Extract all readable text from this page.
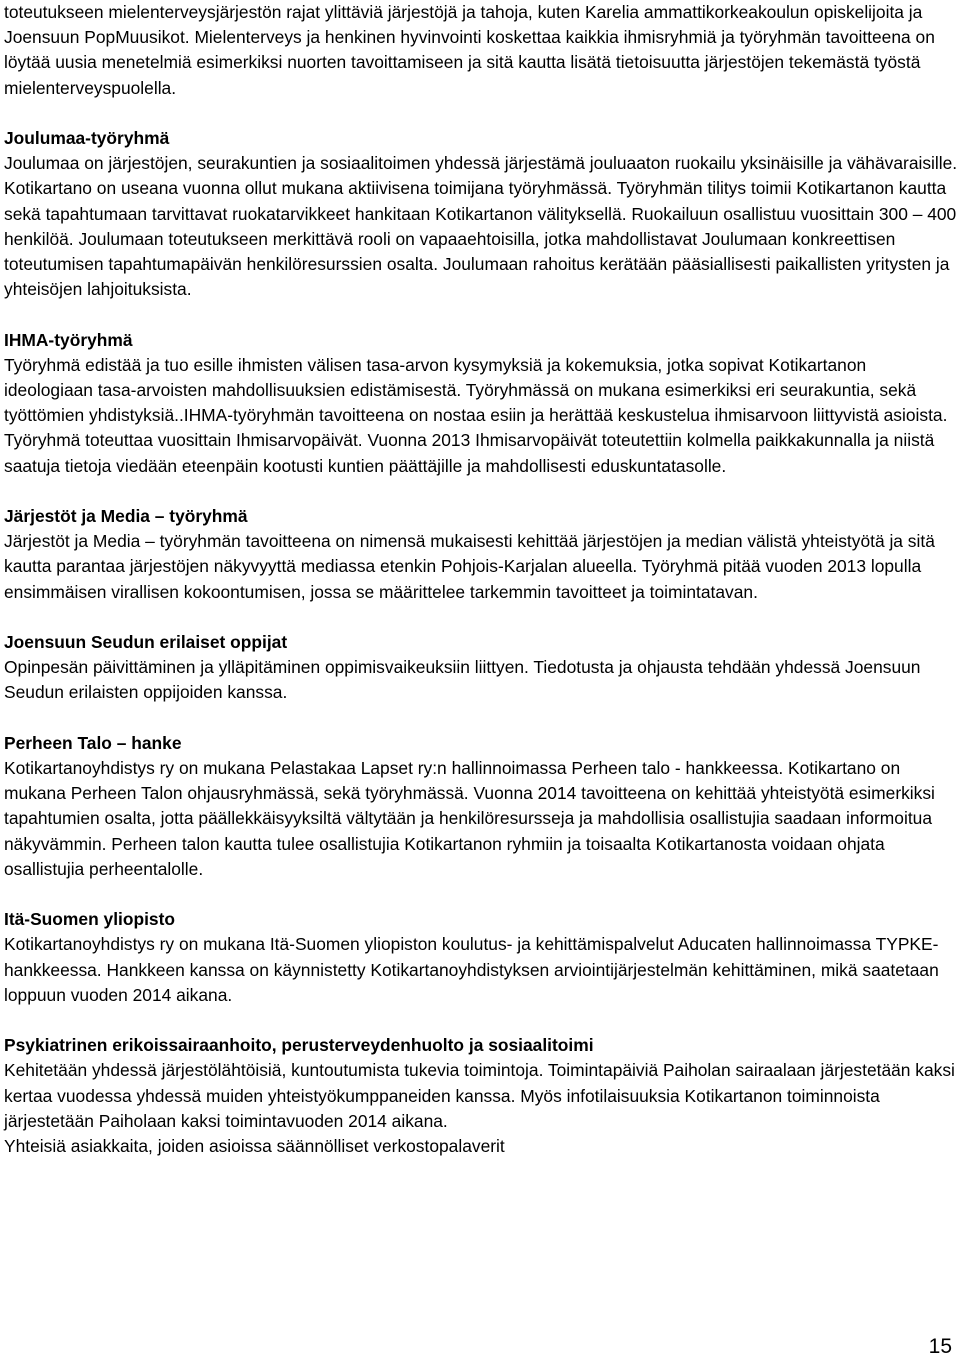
toteutukseen mielenterveysjärjestön rajat ylittäviä järjestöjä ja tahoja, kuten Karelia ammattikorkeakoulun opiskelijoita ja Joensuun PopMuusikot. Mielenterveys ja henkinen hyvinvointi koskettaa kaikkia ihmisryhmiä ja työryhmän tavoitteena on löytää uusia menetelmiä esimerkiksi nuorten tavoittamiseen ja sitä kautta lisätä tietoisuutta järjestöjen tekemästä työstä mielenterveyspuolella.

Joulumaa-työryhmä
Joulumaa on järjestöjen, seurakuntien ja sosiaalitoimen yhdessä järjestämä jouluaaton ruokailu yksinäisille ja vähävaraisille. Kotikartano on useana vuonna ollut mukana aktiivisena toimijana työryhmässä. Työryhmän tilitys toimii Kotikartanon kautta sekä tapahtumaan tarvittavat ruokatarvikkeet hankitaan Kotikartanon välityksellä. Ruokailuun osallistuu vuosittain 300 – 400 henkilöä. Joulumaan toteutukseen merkittävä rooli on vapaaehtoisilla, jotka mahdollistavat Joulumaan konkreettisen toteutumisen tapahtumapäivän henkilöresurssien osalta. Joulumaan rahoitus kerätään pääsiallisesti paikallisten yritysten ja yhteisöjen lahjoituksista.
IHMA-työryhmä
Työryhmä edistää ja tuo esille ihmisten välisen tasa-arvon kysymyksiä ja kokemuksia, jotka sopivat Kotikartanon ideologiaan tasa-arvoisten mahdollisuuksien edistämisestä. Työryhmässä on mukana esimerkiksi eri seurakuntia, sekä työttömien yhdistyksiä..IHMA-työryhmän tavoitteena on nostaa esiin ja herättää keskustelua ihmisarvoon liittyvistä asioista. Työryhmä toteuttaa vuosittain Ihmisarvopäivät. Vuonna 2013 Ihmisarvopäivät toteutettiin kolmella paikkakunnalla ja niistä saatuja tietoja viedään eteenpäin kootusti kuntien päättäjille ja mahdollisesti eduskuntatasolle.
Järjestöt ja Media – työryhmä
Järjestöt ja Media – työryhmän tavoitteena on nimensä mukaisesti kehittää järjestöjen ja median välistä yhteistyötä ja sitä kautta parantaa järjestöjen näkyvyyttä mediassa etenkin Pohjois-Karjalan alueella. Työryhmä pitää vuoden 2013 lopulla ensimmäisen virallisen kokoontumisen, jossa se määrittelee tarkemmin tavoitteet ja toimintatavan.
Joensuun Seudun erilaiset oppijat
Opinpesän päivittäminen ja ylläpitäminen oppimisvaikeuksiin liittyen. Tiedotusta ja ohjausta tehdään yhdessä Joensuun Seudun erilaisten oppijoiden kanssa.
Perheen Talo – hanke
Kotikartanoyhdistys ry on mukana Pelastakaa Lapset ry:n hallinnoimassa Perheen talo - hankkeessa. Kotikartano on mukana Perheen Talon ohjausryhmässä, sekä työryhmässä. Vuonna 2014 tavoitteena on kehittää yhteistyötä esimerkiksi tapahtumien osalta, jotta päällekkäisyyksiltä vältytään ja henkilöresursseja ja mahdollisia osallistujia saadaan informoitua näkyvämmin. Perheen talon kautta tulee osallistujia Kotikartanon ryhmiin ja toisaalta Kotikartanosta voidaan ohjata osallistujia perheentalolle.
Itä-Suomen yliopisto
Kotikartanoyhdistys ry on mukana Itä-Suomen yliopiston koulutus- ja kehittämispalvelut Aducaten hallinnoimassa TYPKE-hankkeessa. Hankkeen kanssa on käynnistetty Kotikartanoyhdistyksen arviointijärjestelmän kehittäminen, mikä saatetaan loppuun vuoden 2014 aikana.
Psykiatrinen erikoissairaanhoito, perusterveydenhuolto ja sosiaalitoimi
Kehitetään yhdessä järjestölähtöisiä, kuntoutumista tukevia toimintoja. Toimintapäiviä Paiholan sairaalaan järjestetään kaksi kertaa vuodessa yhdessä muiden yhteistyökumppaneiden kanssa. Myös infotilaisuuksia Kotikartanon toiminnoista järjestetään Paiholaan kaksi toimintavuoden 2014 aikana.
Yhteisiä asiakkaita, joiden asioissa säännölliset verkostopalaverit
15
